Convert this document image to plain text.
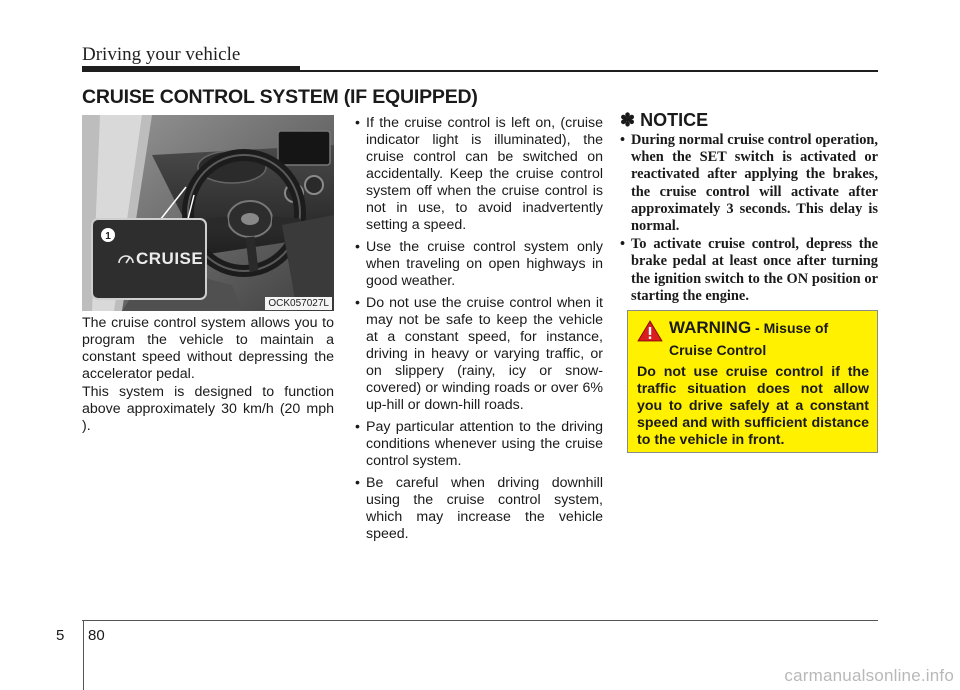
Driving your vehicle
CRUISE CONTROL SYSTEM (IF EQUIPPED)
1
CRUISE
OCK057027L

The cruise control system allows you to program the vehicle to maintain a constant speed without depressing the accelerator pedal.

This system is designed to function above approximately 30 km/h (20 mph ).

• If the cruise control is left on, (cruise indicator light is illuminated), the cruise control can be switched on accidentally. Keep the cruise control system off when the cruise control is not in use, to avoid inadvertently setting a speed.
• Use the cruise control system only when traveling on open highways in good weather.
• Do not use the cruise control when it may not be safe to keep the vehicle at a constant speed, for instance, driving in heavy or varying traffic, or on slippery (rainy, icy or snow- covered) or winding roads or over 6% up-hill or down-hill roads.
• Pay particular attention to the driving conditions whenever using the cruise control system.
• Be careful when driving downhill using the cruise control system, which may increase the vehicle speed.
✽ NOTICE
• During normal cruise control operation, when the SET switch is activated or reactivated after applying the brakes, the cruise control will activate after approximately 3 seconds. This delay is normal.
• To activate cruise control, depress the brake pedal at least once after turning the ignition switch to the ON position or starting the engine.
WARNING - Misuse of
Cruise Control
Do not use cruise control if the traffic situation does not allow you to drive safely at a constant speed and with sufficient distance to the vehicle in front.
5 80
carmanualsonline.info
